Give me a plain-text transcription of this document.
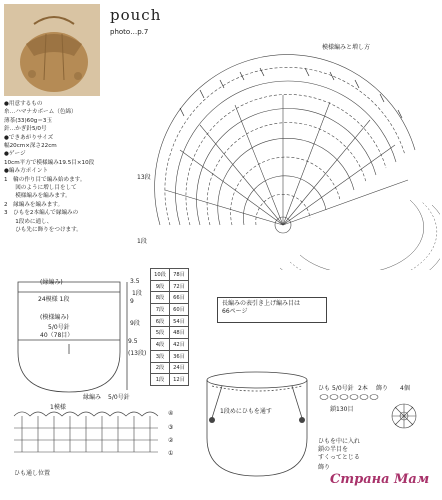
pouch
photo…p.7
●用意するもの
糸…ハマナカボーム（色綿）
薄茶(33)60g＝3玉
針…かぎ針5/0号
●できあがりサイズ
幅20cm×深さ22cm
●ゲージ
10cm平方で模様編み19.5目×10段
●編み方ポイント
1　輪の作り目で編み始めます。
　　図のように増し目をして
　　模様編みを編みます。
2　縁編みを編みます。
3　ひもを2本編んで縁編みの
　　1段めに通し、
　　ひも先に飾りをつけます。
模様編みと増し方
13段
1段
(縁編み)
24模様 1段
(模様編み)
5/0号針
40（78目）
3.5
1段
9
9段
9.5
(13段)
10段	78目
9段	72目
8段	66目
7段	60目
6段	54目
5段	48目
4段	42目
3段	36目
2段	24目
1段	12目
長編みの表引き上げ編み目は
66ページ
縁編み 5/0号針
1模様
④
③
②
①
ひも通し位置
1段めにひもを通す
ひも 5/0号針 2本
鎖130目
ひもを中に入れ
鎖の半目を
すくってとじる
飾り
飾り 4個
Страна Мам
